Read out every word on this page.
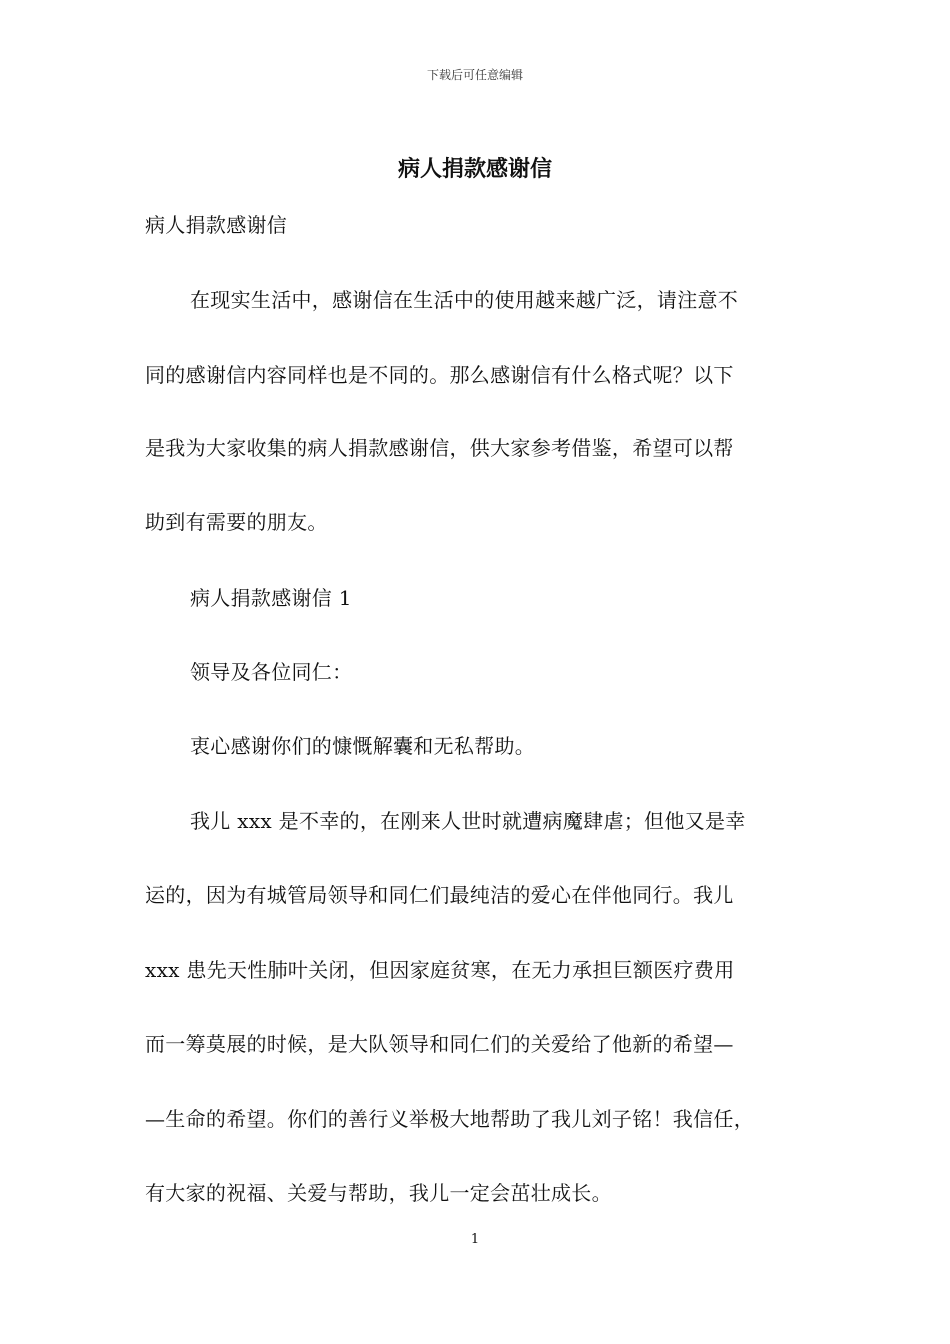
下载后可任意编辑
病人捐款感谢信
病人捐款感谢信
在现实生活中，感谢信在生活中的使用越来越广泛，请注意不
同的感谢信内容同样也是不同的。那么感谢信有什么格式呢？以下
是我为大家收集的病人捐款感谢信，供大家参考借鉴，希望可以帮
助到有需要的朋友。
病人捐款感谢信 1
领导及各位同仁：
衷心感谢你们的慷慨解囊和无私帮助。
我儿 xxx 是不幸的，在刚来人世时就遭病魔肆虐；但他又是幸
运的，因为有城管局领导和同仁们最纯洁的爱心在伴他同行。我儿
xxx 患先天性肺叶关闭，但因家庭贫寒，在无力承担巨额医疗费用
而一筹莫展的时候，是大队领导和同仁们的关爱给了他新的希望—
—生命的希望。你们的善行义举极大地帮助了我儿刘子铭！我信任，
有大家的祝福、关爱与帮助，我儿一定会茁壮成长。
1
